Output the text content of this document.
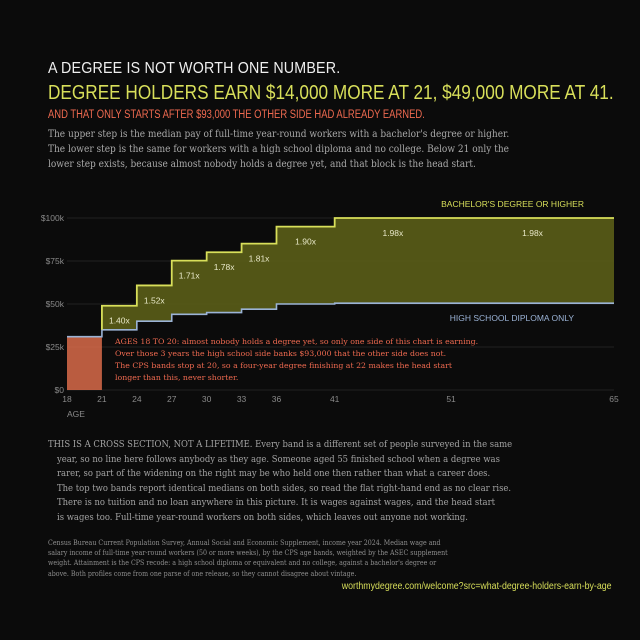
A DEGREE IS NOT WORTH ONE NUMBER.
DEGREE HOLDERS EARN $14,000 MORE AT 21, $49,000 MORE AT 41.
AND THAT ONLY STARTS AFTER $93,000 THE OTHER SIDE HAD ALREADY EARNED.
The upper step is the median pay of full-time year-round workers with a bachelor's degree or higher.
The lower step is the same for workers with a high school diploma and no college. Below 21 only the
lower step exists, because almost nobody holds a degree yet, and that block is the head start.
$0
$25k
$50k
$75k
$100k
1.40x
1.52x
1.71x
1.78x
1.81x
1.90x
1.98x	1.98x
18	21	24	27	30	33	36	41	51	65
AGE
BACHELOR'S DEGREE OR HIGHER
HIGH SCHOOL DIPLOMA ONLY
AGES 18 TO 20: almost nobody holds a degree yet, so only one side of this chart is earning.
Over those 3 years the high school side banks $93,000 that the other side does not.
The CPS bands stop at 20, so a four-year degree finishing at 22 makes the head start
longer than this, never shorter.
THIS IS A CROSS SECTION, NOT A LIFETIME. Every band is a different set of people surveyed in the same
year, so no line here follows anybody as they age. Someone aged 55 finished school when a degree was
rarer, so part of the widening on the right may be who held one then rather than what a career does.
The top two bands report identical medians on both sides, so read the flat right-hand end as no clear rise.
There is no tuition and no loan anywhere in this picture. It is wages against wages, and the head start
is wages too. Full-time year-round workers on both sides, which leaves out anyone not working.
Census Bureau Current Population Survey, Annual Social and Economic Supplement, income year 2024. Median wage and
salary income of full-time year-round workers (50 or more weeks), by the CPS age bands, weighted by the ASEC supplement
weight. Attainment is the CPS recode: a high school diploma or equivalent and no college, against a bachelor's degree or
above. Both profiles come from one parse of one release, so they cannot disagree about vintage.
worthmydegree.com/welcome?src=what-degree-holders-earn-by-age
